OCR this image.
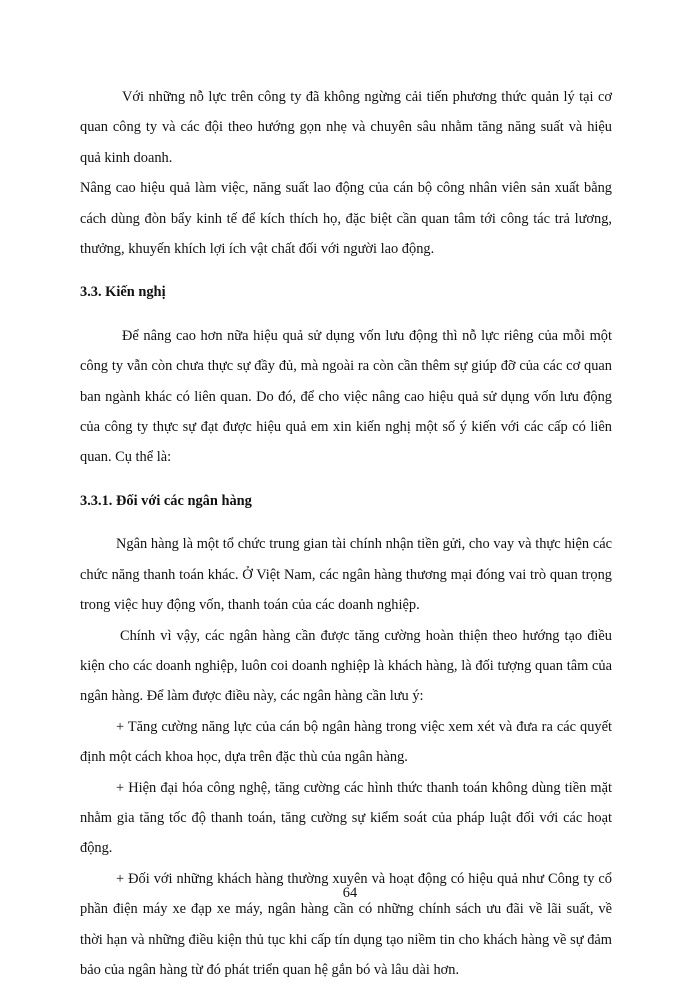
Với những nỗ lực trên công ty đã không ngừng cải tiến phương thức quản lý tại cơ quan công ty và các đội theo hướng gọn nhẹ và chuyên sâu nhằm tăng năng suất và hiệu quả kinh doanh.

Nâng cao hiệu quả làm việc, năng suất lao động của cán bộ công nhân viên sản xuất bằng cách dùng đòn bẩy kinh tế để kích thích họ, đặc biệt cần quan tâm tới công tác trả lương, thưởng, khuyến khích lợi ích vật chất đối với người lao động.

3.3. Kiến nghị

Để nâng cao hơn nữa hiệu quả sử dụng vốn lưu động thì nỗ lực riêng của mỗi một công ty vẫn còn chưa thực sự đầy đủ, mà ngoài ra còn cần thêm sự giúp đỡ của các cơ quan ban ngành khác có liên quan. Do đó, để cho việc nâng cao hiệu quả sử dụng vốn lưu động của công ty thực sự đạt được hiệu quả em xin kiến nghị một số ý kiến với các cấp có liên quan. Cụ thể là:

3.3.1. Đối với các ngân hàng

Ngân hàng là một tổ chức trung gian tài chính nhận tiền gửi, cho vay và thực hiện các chức năng thanh toán khác. Ở Việt Nam, các ngân hàng thương mại đóng vai trò quan trọng trong việc huy động vốn, thanh toán của các doanh nghiệp.

Chính vì vậy, các ngân hàng cần được tăng cường hoàn thiện theo hướng tạo điều kiện cho các doanh nghiệp, luôn coi doanh nghiệp là khách hàng, là đối tượng quan tâm của ngân hàng. Để làm được điều này, các ngân hàng cần lưu ý:

+ Tăng cường năng lực của cán bộ ngân hàng trong việc xem xét và đưa ra các quyết định một cách khoa học, dựa trên đặc thù của ngân hàng.

+ Hiện đại hóa công nghệ, tăng cường các hình thức thanh toán không dùng tiền mặt nhằm gia tăng tốc độ thanh toán, tăng cường sự kiểm soát của pháp luật đối với các hoạt động.

+ Đối với những khách hàng thường xuyên và hoạt động có hiệu quả như Công ty cổ phần điện máy xe đạp xe máy, ngân hàng cần có những chính sách ưu đãi về lãi suất, về thời hạn và những điều kiện thủ tục khi cấp tín dụng tạo niềm tin cho khách hàng về sự đảm bảo của ngân hàng từ đó phát triển quan hệ gắn bó và lâu dài hơn.

64
